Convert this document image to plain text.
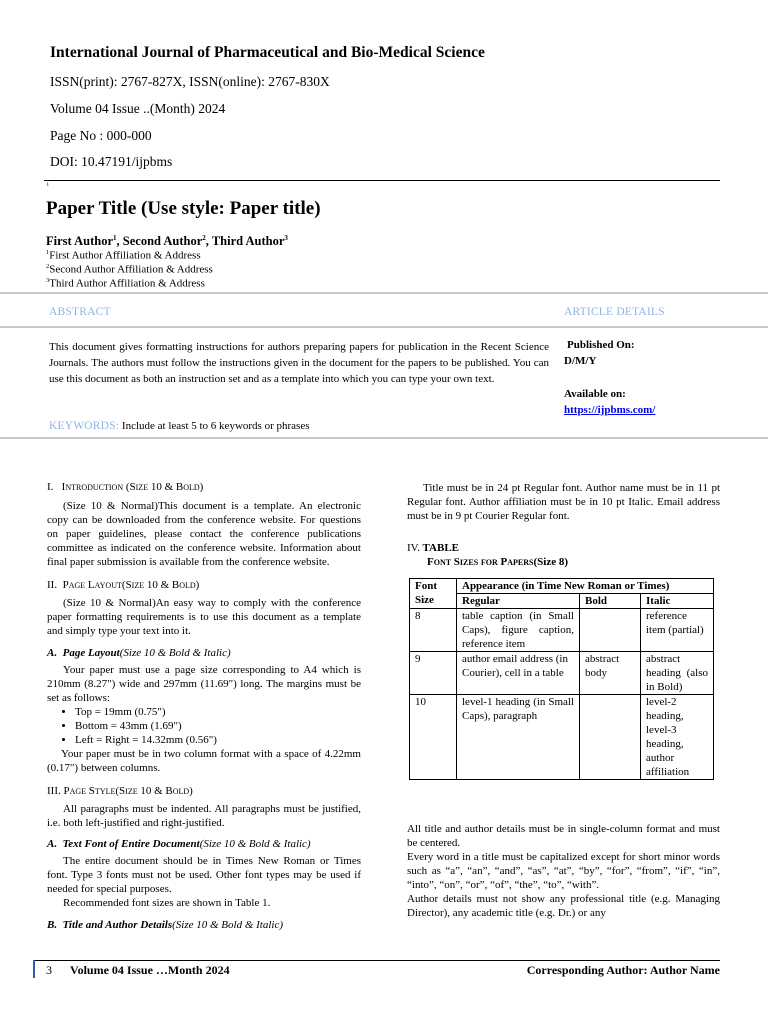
International Journal of Pharmaceutical and Bio-Medical Science
ISSN(print): 2767-827X, ISSN(online): 2767-830X
Volume 04 Issue ..(Month) 2024
Page No : 000-000
DOI: 10.47191/ijpbms
i
Paper Title (Use style: Paper title)
First Author$^1$, Second Author$^2$, Third Author$^3$
$^1$First Author Affiliation & Address
$^2$Second Author Affiliation & Address
$^3$Third Author Affiliation & Address
ABSTRACT	ARTICLE DETAILS
This document gives formatting instructions for authors preparing papers for publication in the Recent Science Journals. The authors must follow the instructions given in the document for the papers to be published. You can use this document as both an instruction set and as a template into which you can type your own text.
Published On:
D/M/Y
Available on:
https://ijpbms.com/
KEYWORDS: Include at least 5 to 6 keywords or phrases

I. Introduction (Size 10 & Bold)

(Size 10 & Normal)This document is a template. An electronic copy can be downloaded from the conference website. For questions on paper guidelines, please contact the conference publications committee as indicated on the conference website. Information about final paper submission is available from the conference website.

II. Page Layout(Size 10 & Bold)

(Size 10 & Normal)An easy way to comply with the conference paper formatting requirements is to use this document as a template and simply type your text into it.

A. Page Layout(Size 10 & Bold & Italic)

Your paper must use a page size corresponding to A4 which is 210mm (8.27") wide and 297mm (11.69") long. The margins must be set as follows:

• Top = 19mm (0.75")
• Bottom = 43mm (1.69")
• Left = Right = 14.32mm (0.56")

Your paper must be in two column format with a space of 4.22mm (0.17") between columns.

III. Page Style(Size 10 & Bold)

All paragraphs must be indented. All paragraphs must be justified, i.e. both left-justified and right-justified.

A. Text Font of Entire Document(Size 10 & Bold & Italic)

The entire document should be in Times New Roman or Times font. Type 3 fonts must not be used. Other font types may be used if needed for special purposes.

Recommended font sizes are shown in Table 1.

B. Title and Author Details(Size 10 & Bold & Italic)

Title must be in 24 pt Regular font. Author name must be in 11 pt Regular font. Author affiliation must be in 10 pt Italic. Email address must be in 9 pt Courier Regular font.

IV. TABLE

Font Sizes for Papers(Size 8)

Font Size	Appearance (in Time New Roman or Times)		
	Regular	Bold	Italic
8	table caption (in Small Caps), figure caption, reference item		reference item (partial)
9	author email address (in Courier), cell in a table	abstract body	abstract heading (also in Bold)
10	level-1 heading (in Small Caps), paragraph		level-2 heading, level-3 heading, author affiliation

All title and author details must be in single-column format and must be centered.

Every word in a title must be capitalized except for short minor words such as “a”, “an”, “and”, “as”, “at”, “by”, “for”, “from”, “if”, “in”, “into”, “on”, “or”, “of”, “the”, “to”, “with”.

Author details must not show any professional title (e.g. Managing Director), any academic title (e.g. Dr.) or any

3 Volume 04 Issue …Month 2024	Corresponding Author: Author Name
